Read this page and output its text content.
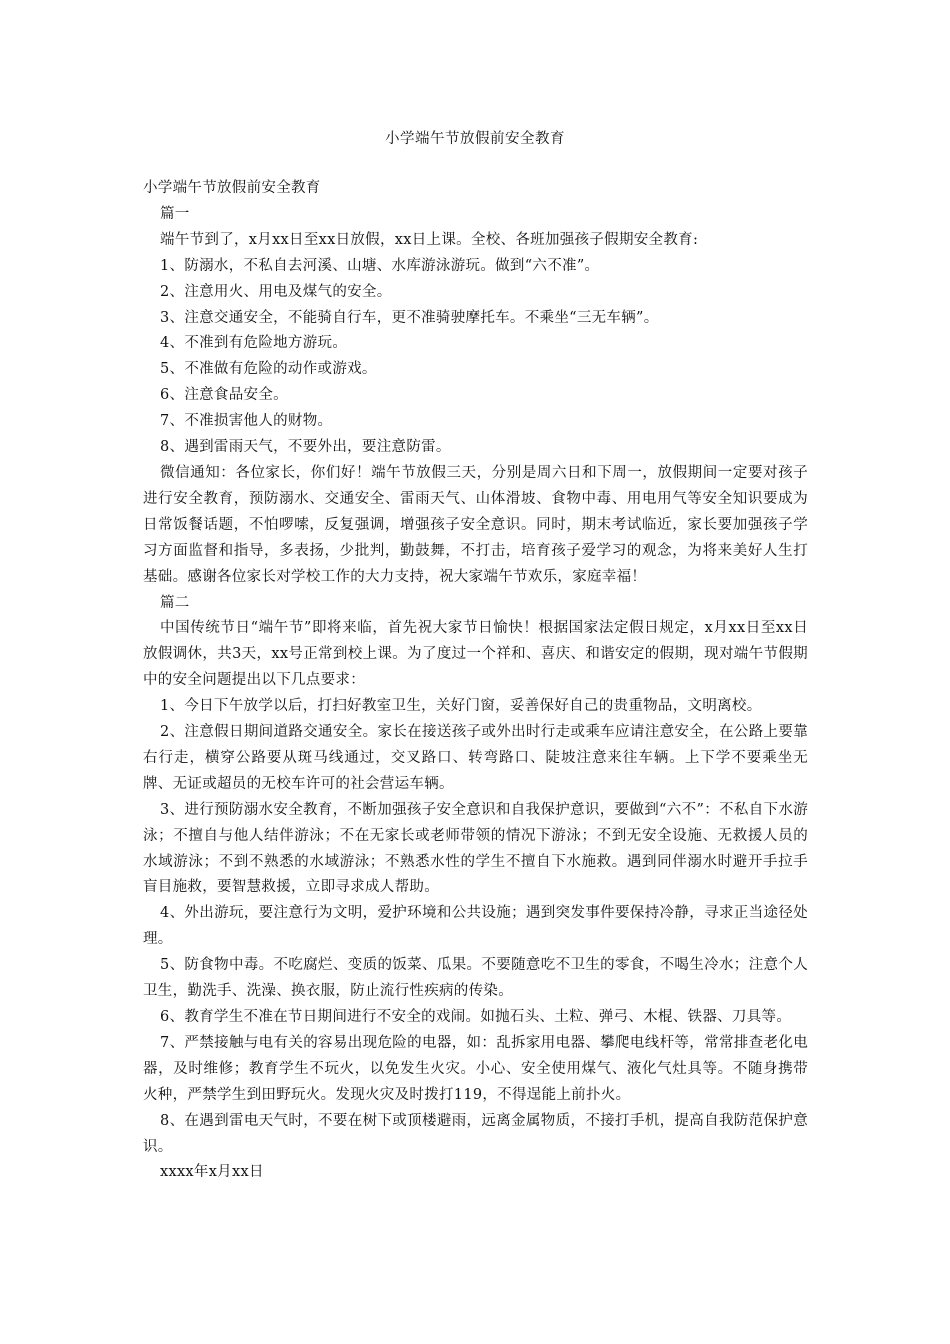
小学端午节放假前安全教育

小学端午节放假前安全教育

篇一

端午节到了，x月xx日至xx日放假，xx日上课。全校、各班加强孩子假期安全教育:

1、防溺水，不私自去河溪、山塘、水库游泳游玩。做到“六不准”。

2、注意用火、用电及煤气的安全。

3、注意交通安全，不能骑自行车，更不准骑驶摩托车。不乘坐“三无车辆”。

4、不准到有危险地方游玩。

5、不准做有危险的动作或游戏。

6、注意食品安全。

7、不准损害他人的财物。

8、遇到雷雨天气，不要外出，要注意防雷。

微信通知：各位家长，你们好！端午节放假三天，分别是周六日和下周一，放假期间一定要对孩子进行安全教育，预防溺水、交通安全、雷雨天气、山体滑坡、食物中毒、用电用气等安全知识要成为日常饭餐话题，不怕啰嗦，反复强调，增强孩子安全意识。同时，期末考试临近，家长要加强孩子学习方面监督和指导，多表扬，少批判，勤鼓舞，不打击，培育孩子爱学习的观念，为将来美好人生打基础。感谢各位家长对学校工作的大力支持，祝大家端午节欢乐，家庭幸福！

篇二

中国传统节日“端午节”即将来临，首先祝大家节日愉快！根据国家法定假日规定，x月xx日至xx日放假调休，共3天，xx号正常到校上课。为了度过一个祥和、喜庆、和谐安定的假期，现对端午节假期中的安全问题提出以下几点要求：

1、今日下午放学以后，打扫好教室卫生，关好门窗，妥善保好自己的贵重物品，文明离校。

2、注意假日期间道路交通安全。家长在接送孩子或外出时行走或乘车应请注意安全，在公路上要靠右行走，横穿公路要从斑马线通过，交叉路口、转弯路口、陡坡注意来往车辆。上下学不要乘坐无牌、无证或超员的无校车许可的社会营运车辆。

3、进行预防溺水安全教育，不断加强孩子安全意识和自我保护意识，要做到“六不”：不私自下水游泳；不擅自与他人结伴游泳；不在无家长或老师带领的情况下游泳；不到无安全设施、无救援人员的水域游泳；不到不熟悉的水域游泳；不熟悉水性的学生不擅自下水施救。遇到同伴溺水时避开手拉手盲目施救，要智慧救援，立即寻求成人帮助。

4、外出游玩，要注意行为文明，爱护环境和公共设施；遇到突发事件要保持冷静，寻求正当途径处理。

5、防食物中毒。不吃腐烂、变质的饭菜、瓜果。不要随意吃不卫生的零食，不喝生冷水；注意个人卫生，勤洗手、洗澡、换衣服，防止流行性疾病的传染。

6、教育学生不准在节日期间进行不安全的戏闹。如抛石头、土粒、弹弓、木棍、铁器、刀具等。

7、严禁接触与电有关的容易出现危险的电器，如：乱拆家用电器、攀爬电线杆等，常常排查老化电器，及时维修；教育学生不玩火，以免发生火灾。小心、安全使用煤气、液化气灶具等。不随身携带火种，严禁学生到田野玩火。发现火灾及时拨打119，不得逞能上前扑火。

8、在遇到雷电天气时，不要在树下或顶楼避雨，远离金属物质，不接打手机，提高自我防范保护意识。

xxxx年x月xx日
